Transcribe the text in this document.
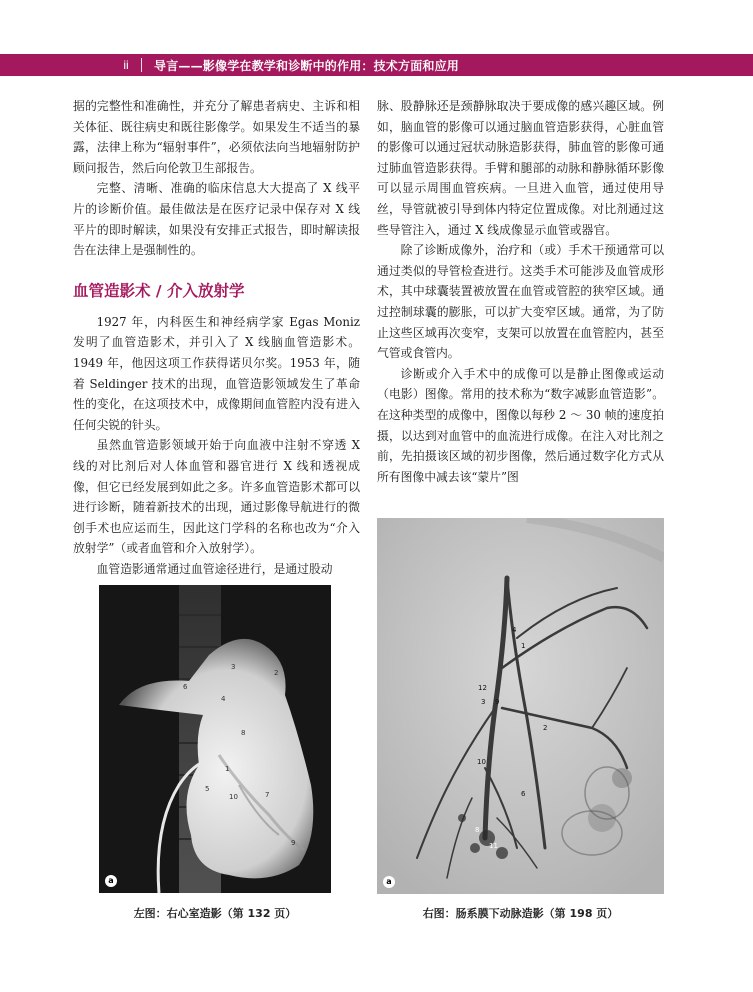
ii	导言——影像学在教学和诊断中的作用：技术方面和应用

据的完整性和准确性，并充分了解患者病史、主诉和相关体征、既往病史和既往影像学。如果发生不适当的暴露，法律上称为“辐射事件”，必须依法向当地辐射防护顾问报告，然后向伦敦卫生部报告。

完整、清晰、准确的临床信息大大提高了 X 线平片的诊断价值。最佳做法是在医疗记录中保存对 X 线平片的即时解读，如果没有安排正式报告，即时解读报告在法律上是强制性的。

血管造影术 / 介入放射学

1927 年，内科医生和神经病学家 Egas Moniz 发明了血管造影术，并引入了 X 线脑血管造影术。1949 年，他因这项工作获得诺贝尔奖。1953 年，随着 Seldinger 技术的出现，血管造影领域发生了革命性的变化，在这项技术中，成像期间血管腔内没有进入任何尖锐的针头。

虽然血管造影领域开始于向血液中注射不穿透 X 线的对比剂后对人体血管和器官进行 X 线和透视成像，但它已经发展到如此之多。许多血管造影术都可以进行诊断，随着新技术的出现，通过影像导航进行的微创手术也应运而生，因此这门学科的名称也改为“介入放射学”（或者血管和介入放射学）。

血管造影通常通过血管途径进行，是通过股动

脉、股静脉还是颈静脉取决于要成像的感兴趣区域。例如，脑血管的影像可以通过脑血管造影获得，心脏血管的影像可以通过冠状动脉造影获得，肺血管的影像可通过肺血管造影获得。手臂和腿部的动脉和静脉循环影像可以显示周围血管疾病。一旦进入血管，通过使用导丝，导管就被引导到体内特定位置成像。对比剂通过这些导管注入，通过 X 线成像显示血管或器官。

除了诊断成像外，治疗和（或）手术干预通常可以通过类似的导管检查进行。这类手术可能涉及血管成形术，其中球囊装置被放置在血管或管腔的狭窄区域。通过控制球囊的膨胀，可以扩大变窄区域。通常，为了防止这些区域再次变窄，支架可以放置在血管腔内，甚至气管或食管内。

诊断或介入手术中的成像可以是静止图像或运动（电影）图像。常用的技术称为“数字减影血管造影”。在这种类型的成像中，图像以每秒 2 ～ 30 帧的速度拍摄，以达到对血管中的血流进行成像。在注入对比剂之前，先拍摄该区域的初步图像，然后通过数字化方式从所有图像中减去该“蒙片”图

3
2
6
4
8
1
5
10	7
9
a
4
1
12
3 9
2
10
6
8
11
a
左图：右心室造影（第 132 页）	右图：肠系膜下动脉造影（第 198 页）
